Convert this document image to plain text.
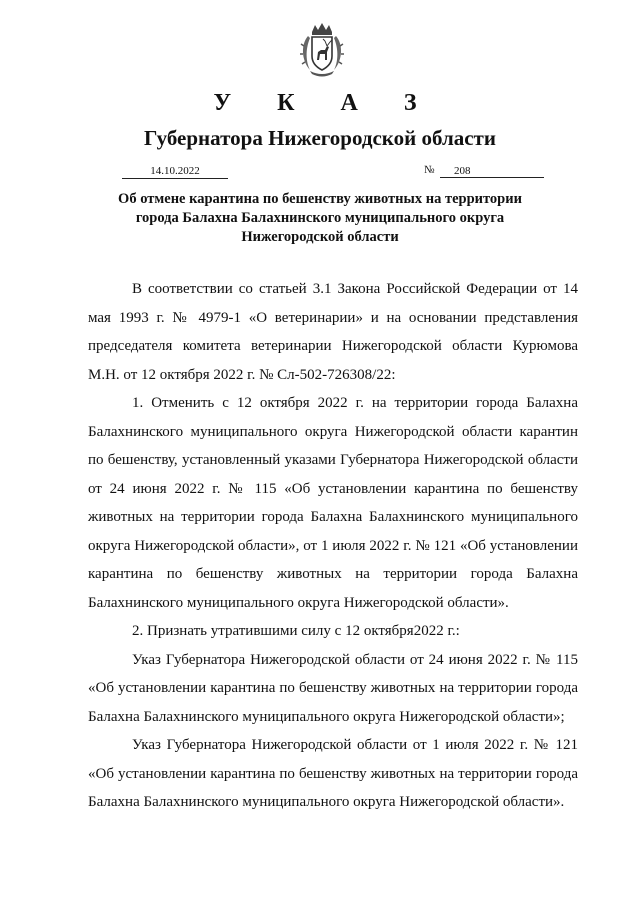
У К А З
Губернатора Нижегородской области
14.10.2022	№	208
Об отмене карантина по бешенству животных на территории
города Балахна Балахнинского муниципального округа
Нижегородской области

В соответствии со статьей 3.1 Закона Российской Федерации от 14 мая 1993 г. № 4979-1 «О ветеринарии» и на основании представления председателя комитета ветеринарии Нижегородской области Курюмова М.Н. от 12 октября 2022 г. № Сл-502-726308/22:

1. Отменить с 12 октября 2022 г. на территории города Балахна Балахнинского муниципального округа Нижегородской области карантин по бешенству, установленный указами Губернатора Нижегородской области от 24 июня 2022 г. № 115 «Об установлении карантина по бешенству животных на территории города Балахна Балахнинского муниципального округа Нижегородской области», от 1 июля 2022 г. № 121 «Об установлении карантина по бешенству животных на территории города Балахна Балахнинского муниципального округа Нижегородской области».

2. Признать утратившими силу с 12 октября2022 г.:

Указ Губернатора Нижегородской области от 24 июня 2022 г. № 115 «Об установлении карантина по бешенству животных на территории города Балахна Балахнинского муниципального округа Нижегородской области»;

Указ Губернатора Нижегородской области от 1 июля 2022 г. № 121 «Об установлении карантина по бешенству животных на территории города Балахна Балахнинского муниципального округа Нижегородской области».
